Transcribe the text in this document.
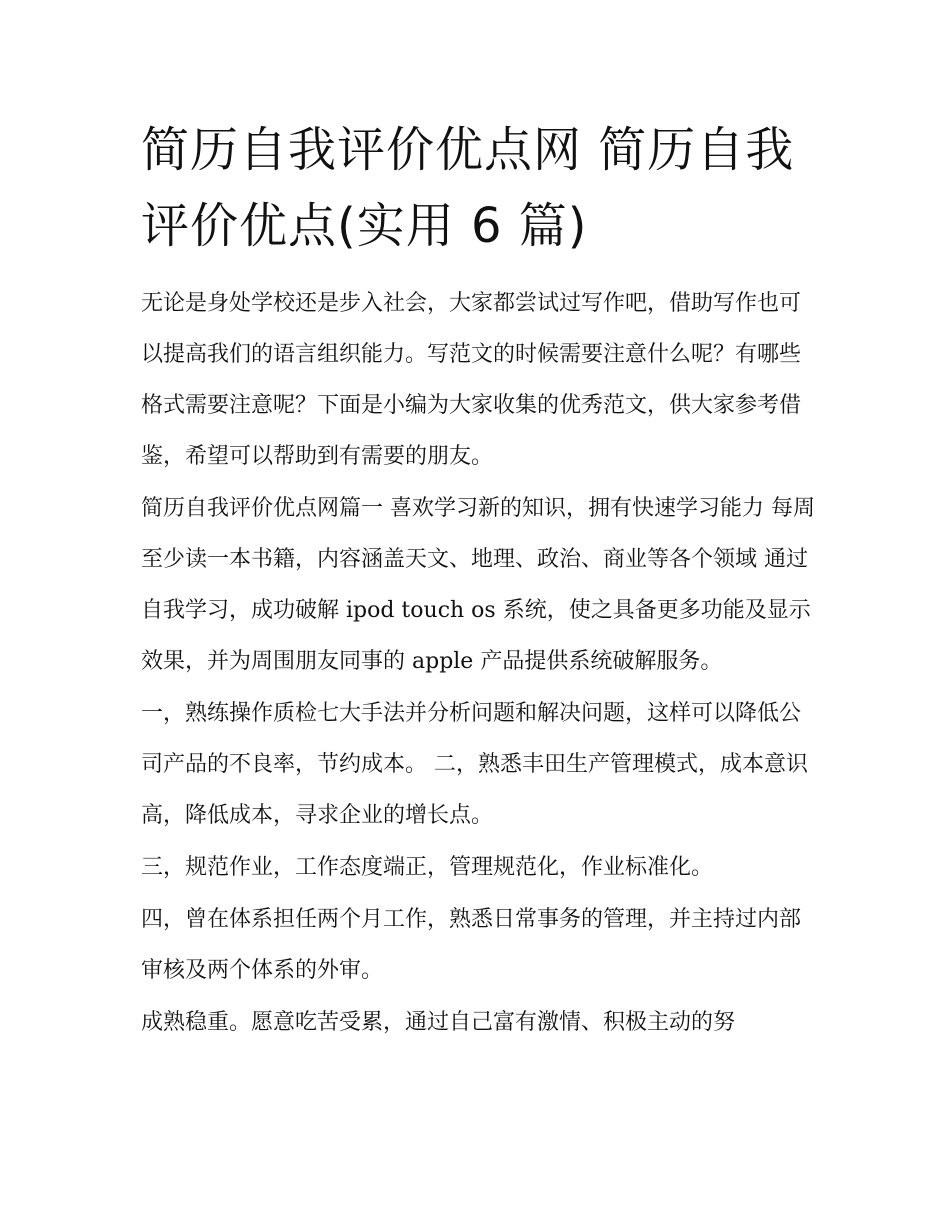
简历自我评价优点网 简历自我评价优点(实用 6 篇)

无论是身处学校还是步入社会，大家都尝试过写作吧，借助写作也可以提高我们的语言组织能力。写范文的时候需要注意什么呢？有哪些格式需要注意呢？下面是小编为大家收集的优秀范文，供大家参考借鉴，希望可以帮助到有需要的朋友。

简历自我评价优点网篇一 喜欢学习新的知识，拥有快速学习能力 每周至少读一本书籍，内容涵盖天文、地理、政治、商业等各个领域 通过自我学习，成功破解 ipod touch os 系统，使之具备更多功能及显示效果，并为周围朋友同事的 apple 产品提供系统破解服务。

一，熟练操作质检七大手法并分析问题和解决问题，这样可以降低公司产品的不良率，节约成本。 二，熟悉丰田生产管理模式，成本意识高，降低成本，寻求企业的增长点。

三，规范作业，工作态度端正，管理规范化，作业标准化。

四，曾在体系担任两个月工作，熟悉日常事务的管理，并主持过内部审核及两个体系的外审。

成熟稳重。愿意吃苦受累，通过自己富有激情、积极主动的努
